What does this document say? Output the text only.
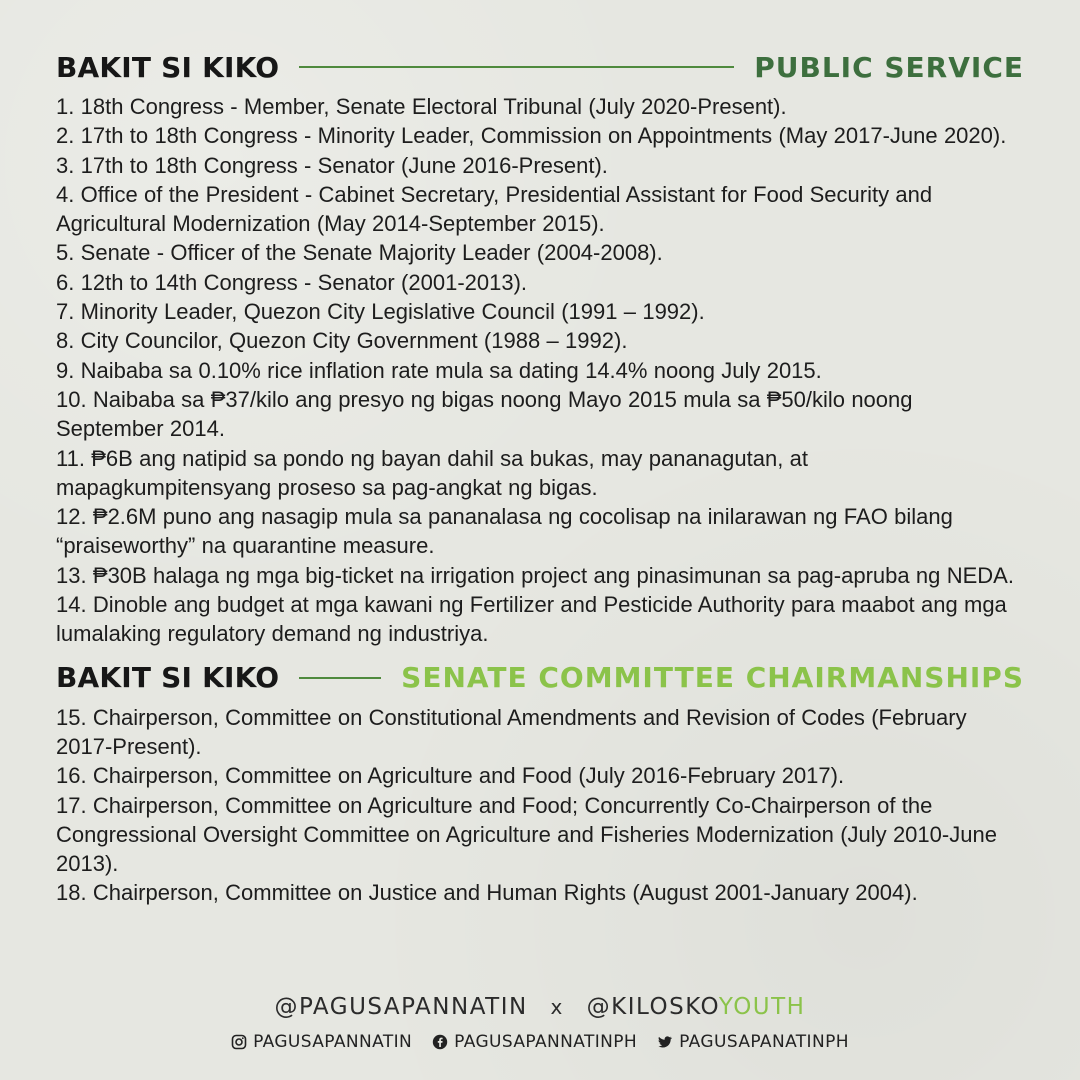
BAKIT SI KIKO	PUBLIC SERVICE
1. 18th Congress - Member, Senate Electoral Tribunal (July 2020-Present).
2. 17th to 18th Congress - Minority Leader, Commission on Appointments (May 2017-June 2020).
3. 17th to 18th Congress - Senator (June 2016-Present).
4. Office of the President - Cabinet Secretary, Presidential Assistant for Food Security and Agricultural Modernization (May 2014-September 2015).
5. Senate - Officer of the Senate Majority Leader (2004-2008).
6. 12th to 14th Congress - Senator (2001-2013).
7. Minority Leader, Quezon City Legislative Council (1991 – 1992).
8. City Councilor, Quezon City Government (1988 – 1992).
9. Naibaba sa 0.10% rice inflation rate mula sa dating 14.4% noong July 2015.
10. Naibaba sa ₱37/kilo ang presyo ng bigas noong Mayo 2015 mula sa ₱50/kilo noong September 2014.
11. ₱6B ang natipid sa pondo ng bayan dahil sa bukas, may pananagutan, at mapagkumpitensyang proseso sa pag-angkat ng bigas.
12. ₱2.6M puno ang nasagip mula sa pananalasa ng cocolisap na inilarawan ng FAO bilang “praiseworthy” na quarantine measure.
13. ₱30B halaga ng mga big-ticket na irrigation project ang pinasimunan sa pag-apruba ng NEDA.
14. Dinoble ang budget at mga kawani ng Fertilizer and Pesticide Authority para maabot ang mga lumalaking regulatory demand ng industriya.
BAKIT SI KIKO	SENATE COMMITTEE CHAIRMANSHIPS
15. Chairperson, Committee on Constitutional Amendments and Revision of Codes (February 2017-Present).
16. Chairperson, Committee on Agriculture and Food (July 2016-February 2017).
17. Chairperson, Committee on Agriculture and Food; Concurrently Co-Chairperson of the Congressional Oversight Committee on Agriculture and Fisheries Modernization (July 2010-June 2013).
18. Chairperson, Committee on Justice and Human Rights (August 2001-January 2004).
@PAGUSAPANNATIN x @KILOSKOYOUTH
PAGUSAPANNATIN PAGUSAPANNATINPH PAGUSAPANATINPH
